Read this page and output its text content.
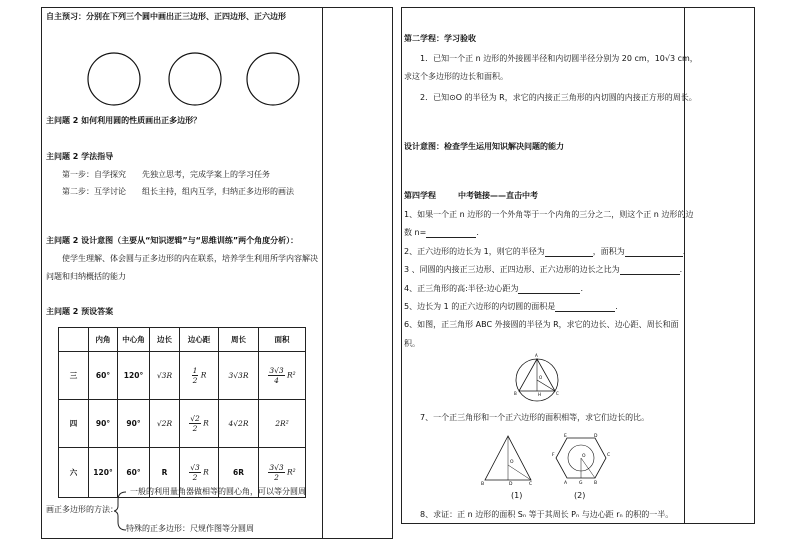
自主预习：分别在下列三个圆中画出正三边形、正四边形、正六边形
主问题 2 如何利用圆的性质画出正多边形？
主问题 2 学法指导
第一步：自学探究 先独立思考，完成学案上的学习任务
第二步：互学讨论 组长主持，组内互学，归纳正多边形的画法
主问题 2 设计意图（主要从“知识逻辑”与“思维训练”两个角度分析）：
使学生理解、体会圆与正多边形的内在联系，培养学生利用所学内容解决
问题和归纳概括的能力
主问题 2 预设答案
	内角	中心角	边长	边心距	周长	面积
三	60°	120°	√3R	$\frac{1}{2}$ R	3√3R	$\frac{3√3}{4} R^2$
四	90°	90°	√2R	$\frac{√2}{2}$ R	4√2R	2R²
六	120°	60°	R	$\frac{√3}{2}$ R	6R	$\frac{3√3}{2} R^2$
一般的利用量角器做相等的圆心角，可以等分圆周
画正多边形的方法：
特殊的正多边形：尺规作图等分圆周
第二学程：学习验收
1．已知一个正 n 边形的外接圆半径和内切圆半径分别为 20 cm，10√3 cm，
求这个多边形的边长和面积。
2．已知⊙O 的半径为 R，求它的内接正三角形的内切圆的内接正方形的周长。
设计意图：检查学生运用知识解决问题的能力
第四学程	中考链接——直击中考
1、如果一个正 n 边形的一个外角等于一个内角的三分之二，则这个正 n 边形的边
数 n=	.
2、正六边形的边长为 1，则它的半径为	，面积为	.
3 、同圆的内接正三边形、正四边形、正六边形的边长之比为	.
4、正三角形的高:半径:边心距为	.
5、边长为 1 的正六边形的内切圆的面积是	.
6、如图，正三角形 ABC 外接圆的半径为 R，求它的边长、边心距、周长和面
积。
A
B	C
O
H
7、一个正三角形和一个正六边形的面积相等，求它们边长的比。
O
B	D	C
E	D
F	C
O
A	G	B
(1)	(2)
8、求证：正 n 边形的面积 Sₙ 等于其周长 Pₙ 与边心距 rₙ 的积的一半。
